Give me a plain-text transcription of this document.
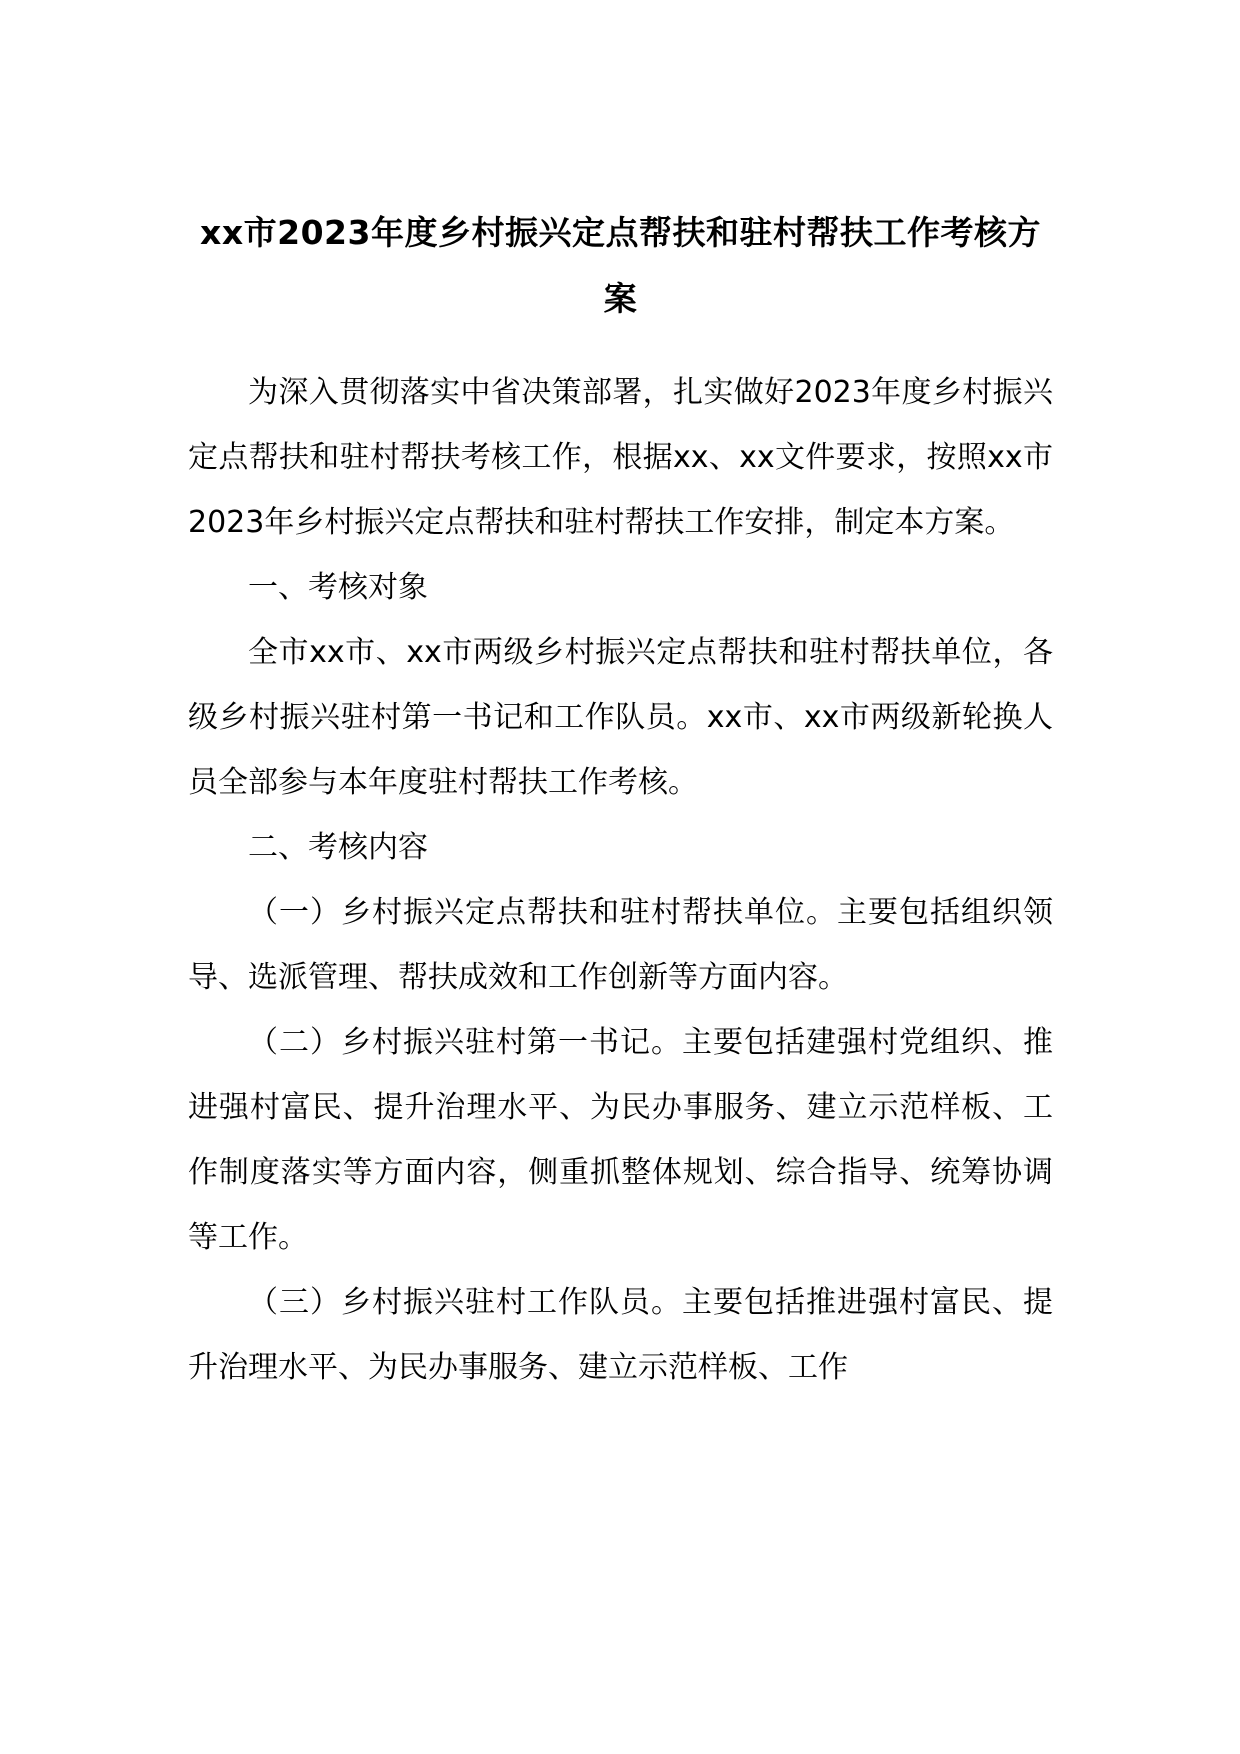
xx市2023年度乡村振兴定点帮扶和驻村帮扶工作考核方案

为深入贯彻落实中省决策部署，扎实做好2023年度乡村振兴定点帮扶和驻村帮扶考核工作，根据xx、xx文件要求，按照xx市2023年乡村振兴定点帮扶和驻村帮扶工作安排，制定本方案。

一、考核对象

全市xx市、xx市两级乡村振兴定点帮扶和驻村帮扶单位，各级乡村振兴驻村第一书记和工作队员。xx市、xx市两级新轮换人员全部参与本年度驻村帮扶工作考核。

二、考核内容

（一）乡村振兴定点帮扶和驻村帮扶单位。主要包括组织领导、选派管理、帮扶成效和工作创新等方面内容。

（二）乡村振兴驻村第一书记。主要包括建强村党组织、推进强村富民、提升治理水平、为民办事服务、建立示范样板、工作制度落实等方面内容，侧重抓整体规划、综合指导、统筹协调等工作。

（三）乡村振兴驻村工作队员。主要包括推进强村富民、提升治理水平、为民办事服务、建立示范样板、工作
